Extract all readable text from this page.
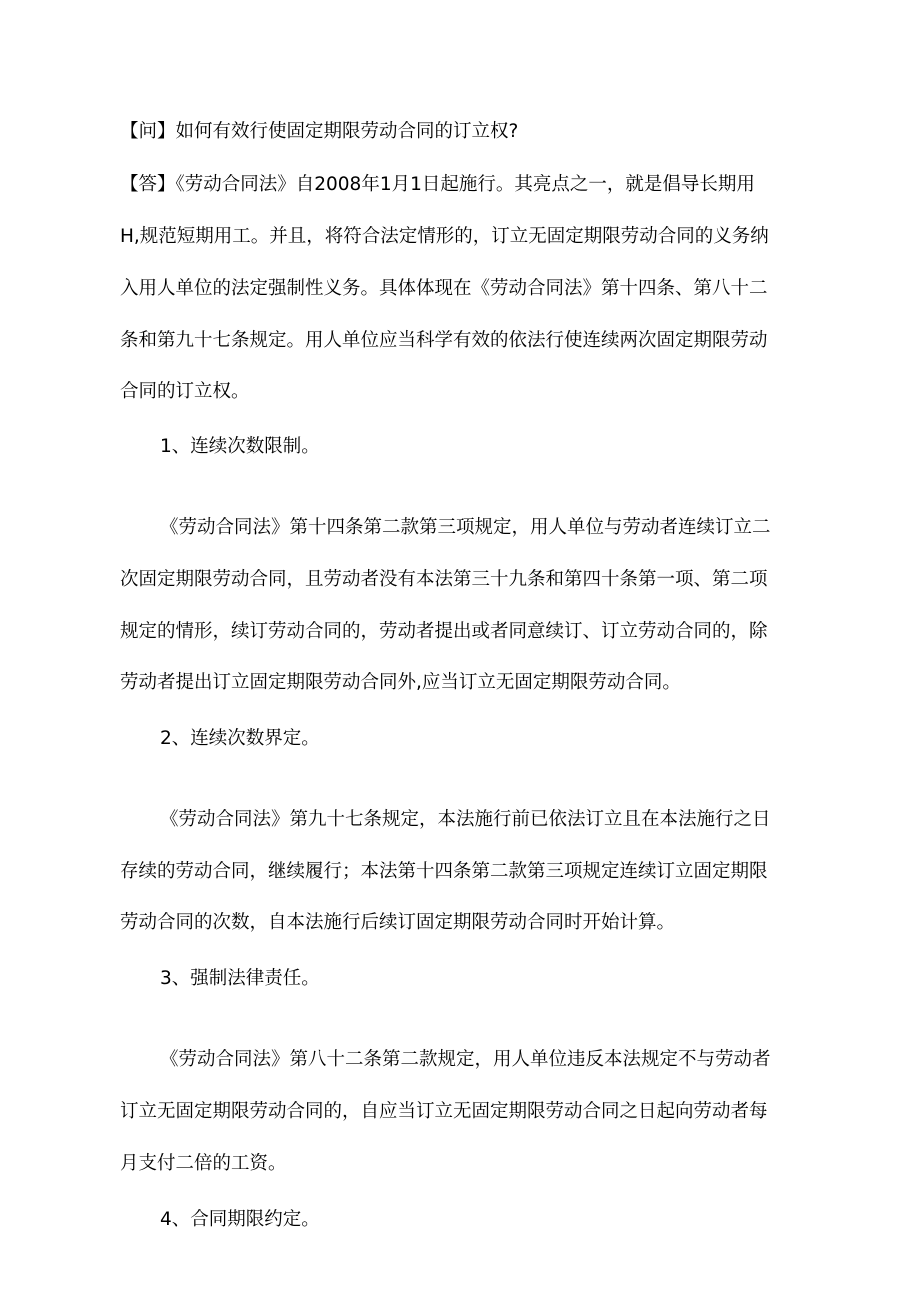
【问】如何有效行使固定期限劳动合同的订立权?

【答】《劳动合同法》自2008年1月1日起施行。其亮点之一，就是倡导长期用

H,规范短期用工。并且，将符合法定情形的，订立无固定期限劳动合同的义务纳

入用人单位的法定强制性义务。具体体现在《劳动合同法》第十四条、第八十二

条和第九十七条规定。用人单位应当科学有效的依法行使连续两次固定期限劳动

合同的订立权。

1、连续次数限制。

《劳动合同法》第十四条第二款第三项规定，用人单位与劳动者连续订立二

次固定期限劳动合同，且劳动者没有本法第三十九条和第四十条第一项、第二项

规定的情形，续订劳动合同的，劳动者提出或者同意续订、订立劳动合同的，除

劳动者提出订立固定期限劳动合同外,应当订立无固定期限劳动合同。

2、连续次数界定。

《劳动合同法》第九十七条规定，本法施行前已依法订立且在本法施行之日

存续的劳动合同，继续履行；本法第十四条第二款第三项规定连续订立固定期限

劳动合同的次数，自本法施行后续订固定期限劳动合同时开始计算。

3、强制法律责任。

《劳动合同法》第八十二条第二款规定，用人单位违反本法规定不与劳动者

订立无固定期限劳动合同的，自应当订立无固定期限劳动合同之日起向劳动者每

月支付二倍的工资。

4、合同期限约定。
